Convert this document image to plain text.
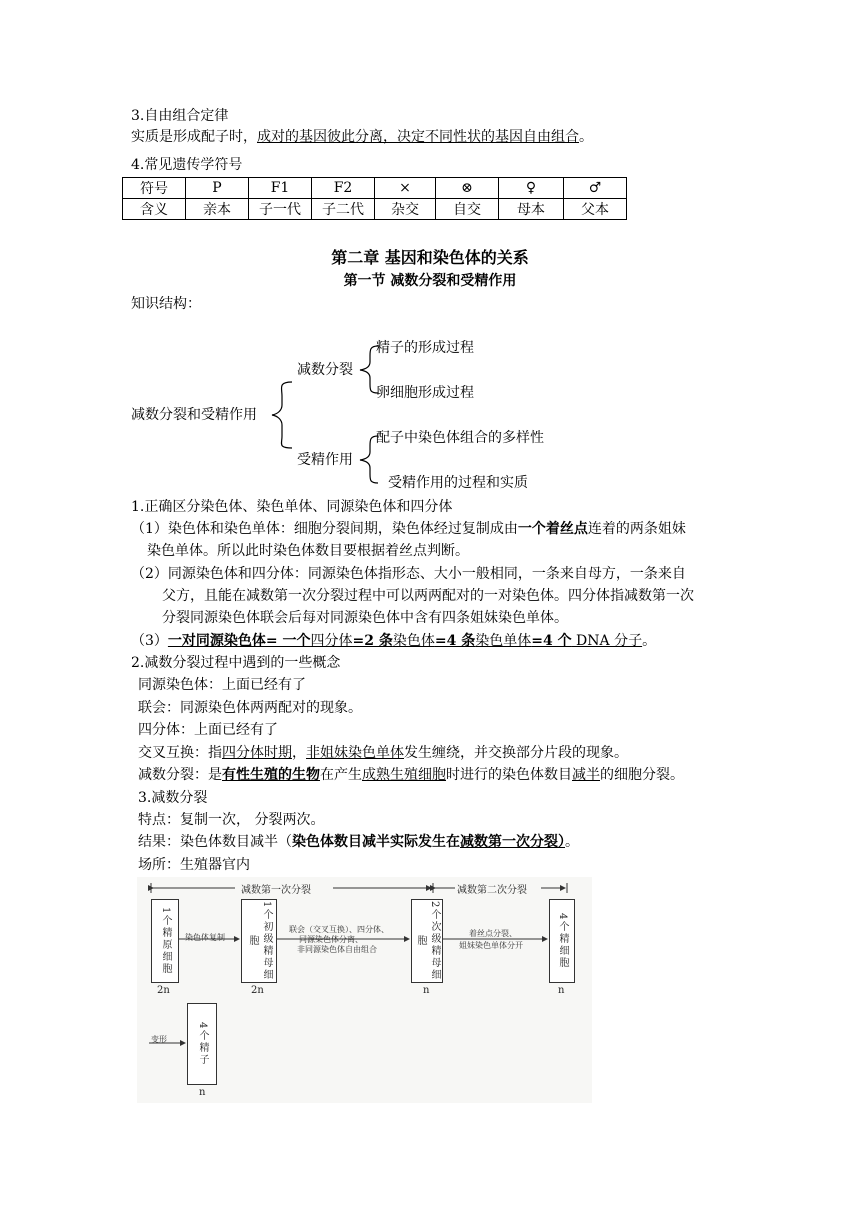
3.自由组合定律
实质是形成配子时，成对的基因彼此分离，决定不同性状的基因自由组合。
4.常见遗传学符号
符号	P	F1	F2	×	⊗	♀	♂
含义	亲本	子一代	子二代	杂交	自交	母本	父本
第二章 基因和染色体的关系
第一节 减数分裂和受精作用
知识结构：
减数分裂和受精作用
减数分裂
精子的形成过程
卵细胞形成过程
受精作用
配子中染色体组合的多样性
受精作用的过程和实质
1.正确区分染色体、染色单体、同源染色体和四分体
（1）染色体和染色单体：细胞分裂间期，染色体经过复制成由一个着丝点连着的两条姐妹
染色单体。所以此时染色体数目要根据着丝点判断。
（2）同源染色体和四分体：同源染色体指形态、大小一般相同，一条来自母方，一条来自
父方，且能在减数第一次分裂过程中可以两两配对的一对染色体。四分体指减数第一次
分裂同源染色体联会后每对同源染色体中含有四条姐妹染色单体。
（3）一对同源染色体= 一个四分体=2 条染色体=4 条染色单体=4 个 DNA 分子。
2.减数分裂过程中遇到的一些概念
同源染色体：上面已经有了
联会：同源染色体两两配对的现象。
四分体：上面已经有了
交叉互换：指四分体时期，非姐妹染色单体发生缠绕，并交换部分片段的现象。
减数分裂：是有性生殖的生物在产生成熟生殖细胞时进行的染色体数目减半的细胞分裂。
3.减数分裂
特点：复制一次， 分裂两次。
结果：染色体数目减半（染色体数目减半实际发生在减数第一次分裂）。
场所：生殖器官内
减数第一次分裂	减数第二次分裂
1个精原细胞	1个初级精母细胞	2个次级精母细胞	4个精细胞
4个精子
染色体复制
联会（交叉互换）、四分体、
同源染色体分离、
非同源染色体自由组合
着丝点分裂、
姐妹染色单体分开
变形
2n	2n	n	n
n
